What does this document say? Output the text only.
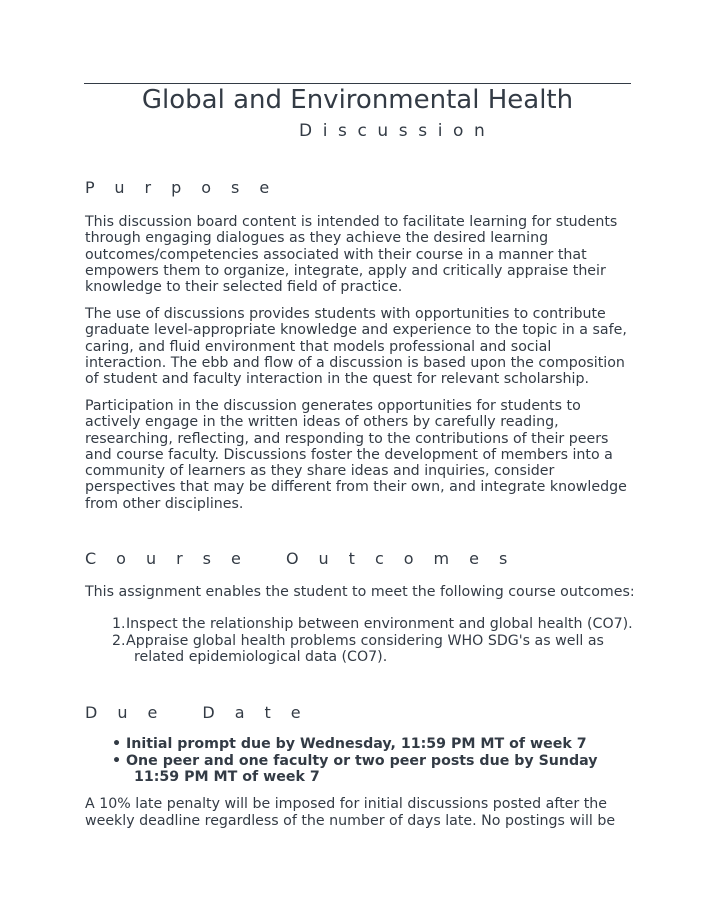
Global and Environmental Health
Discussion
Purpose

This discussion board content is intended to facilitate learning for students through engaging dialogues as they achieve the desired learning outcomes/competencies associated with their course in a manner that empowers them to organize, integrate, apply and critically appraise their knowledge to their selected field of practice.

The use of discussions provides students with opportunities to contribute graduate level-appropriate knowledge and experience to the topic in a safe, caring, and fluid environment that models professional and social interaction. The ebb and flow of a discussion is based upon the composition of student and faculty interaction in the quest for relevant scholarship.

Participation in the discussion generates opportunities for students to actively engage in the written ideas of others by carefully reading, researching, reflecting, and responding to the contributions of their peers and course faculty. Discussions foster the development of members into a community of learners as they share ideas and inquiries, consider perspectives that may be different from their own, and integrate knowledge from other disciplines.

Course Outcomes

This assignment enables the student to meet the following course outcomes:

1.Inspect the relationship between environment and global health (CO7).
2.Appraise global health problems considering WHO SDG's as well as
related epidemiological data (CO7).
Due Date
• Initial prompt due by Wednesday, 11:59 PM MT of week 7
• One peer and one faculty or two peer posts due by Sunday
11:59 PM MT of week 7
A 10% late penalty will be imposed for initial discussions posted after the
weekly deadline regardless of the number of days late. No postings will be
